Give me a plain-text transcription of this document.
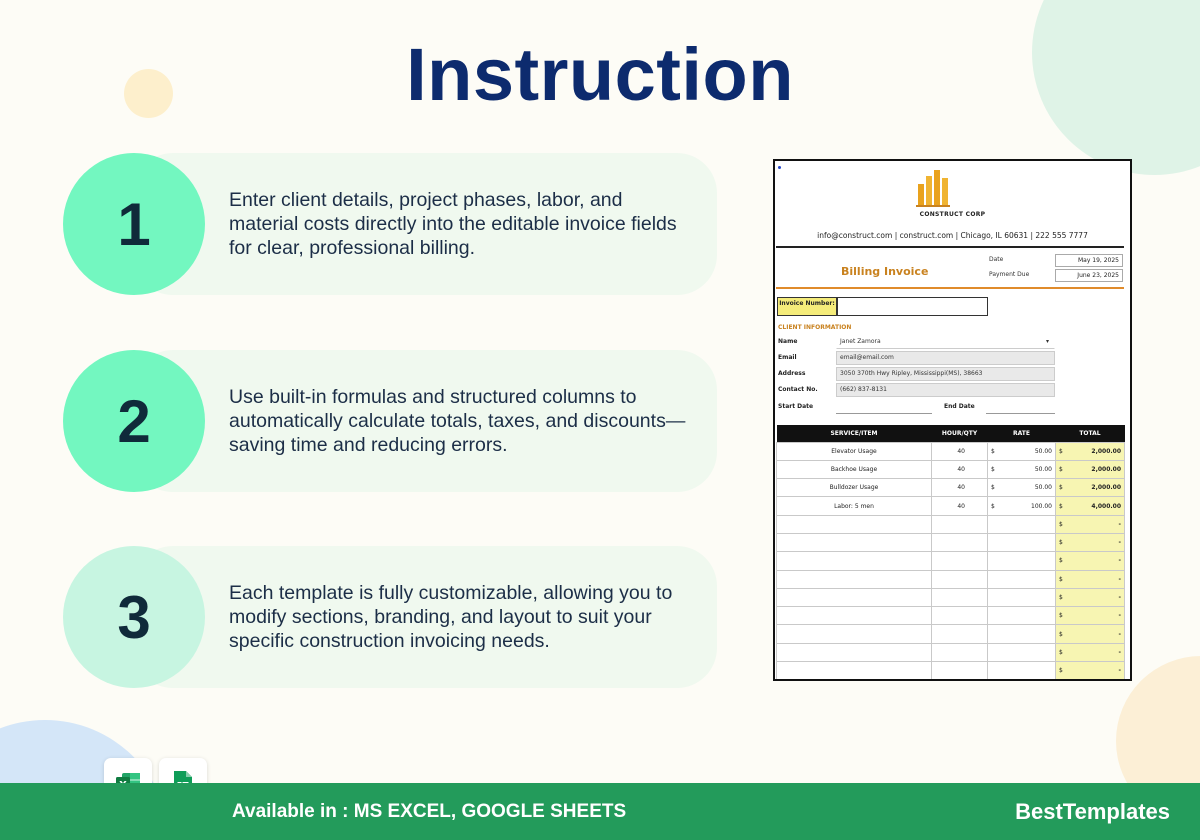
Instruction
1	Enter client details, project phases, labor, and material costs directly into the editable invoice fields for clear, professional billing.
2	Use built-in formulas and structured columns to automatically calculate totals, taxes, and discounts—saving time and reducing errors.
3	Each template is fully customizable, allowing you to modify sections, branding, and layout to suit your specific construction invoicing needs.
CONSTRUCT CORP
info@construct.com | construct.com | Chicago, IL 60631 | 222 555 7777
Billing Invoice
Date	May 19, 2025
Payment Due	June 23, 2025
Invoice Number:
CLIENT INFORMATION
Name	Janet Zamora	▾
Email	email@email.com
Address	3050 370th Hwy Ripley, Mississippi(MS), 38663
Contact No.	(662) 837-8131
Start Date	End Date
SERVICE/ITEM	HOUR/QTY	RATE	TOTAL
Elevator Usage	40	$ 50.00	$ 2,000.00

Backhoe Usage	40	$ 50.00	$ 2,000.00

Bulldozer Usage	40	$ 50.00	$ 2,000.00

Labor: 5 men	40	$ 100.00	$ 4,000.00

			$ -

			$ -

			$ -

			$ -

			$ -

			$ -

			$ -

			$ -

			$ -
Available in : MS EXCEL, GOOGLE SHEETS	BestTemplates
